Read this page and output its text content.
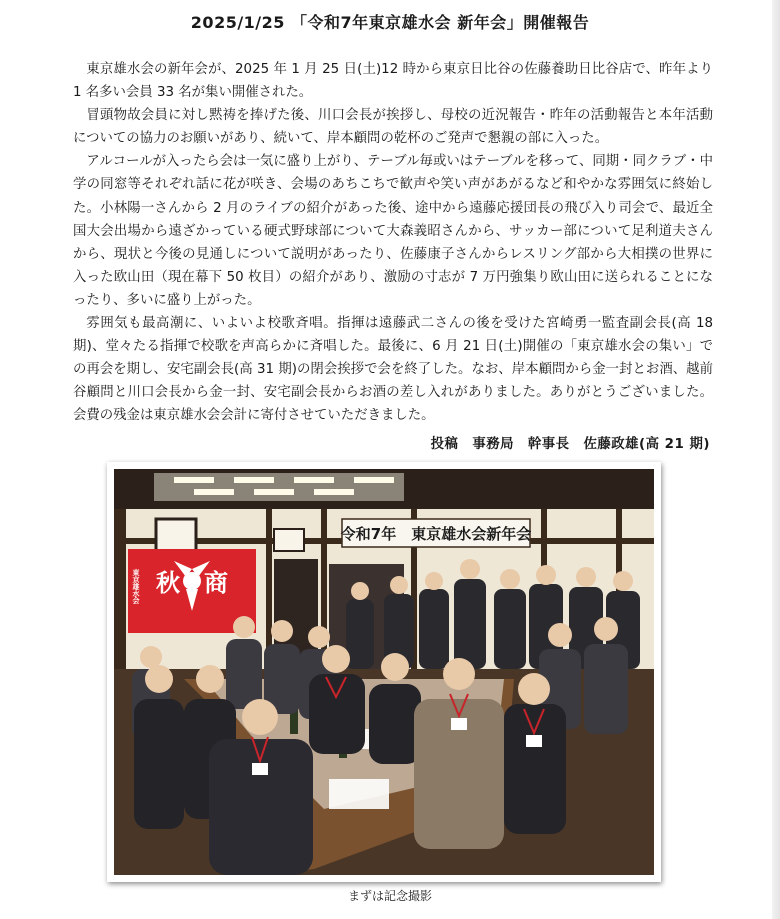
2025/1/25 「令和7年東京雄水会 新年会」開催報告

東京雄水会の新年会が、2025 年 1 月 25 日(土)12 時から東京日比谷の佐藤養助日比谷店で、昨年より 1 名多い会員 33 名が集い開催された。

冒頭物故会員に対し黙祷を捧げた後、川口会長が挨拶し、母校の近況報告・昨年の活動報告と本年活動についての協力のお願いがあり、続いて、岸本顧問の乾杯のご発声で懇親の部に入った。

アルコールが入ったら会は一気に盛り上がり、テーブル毎或いはテーブルを移って、同期・同クラブ・中学の同窓等それぞれ話に花が咲き、会場のあちこちで歓声や笑い声があがるなど和やかな雰囲気に終始した。小林陽一さんから 2 月のライブの紹介があった後、途中から遠藤応援団長の飛び入り司会で、最近全国大会出場から遠ざかっている硬式野球部について大森義昭さんから、サッカー部について足利道夫さんから、現状と今後の見通しについて説明があったり、佐藤康子さんからレスリング部から大相撲の世界に入った欧山田（現在幕下 50 枚目）の紹介があり、激励の寸志が 7 万円強集り欧山田に送られることになったり、多いに盛り上がった。

雰囲気も最高潮に、いよいよ校歌斉唱。指揮は遠藤武二さんの後を受けた宮崎勇一監査副会長(高 18 期)、堂々たる指揮で校歌を声高らかに斉唱した。最後に、6 月 21 日(土)開催の「東京雄水会の集い」での再会を期し、安宅副会長(高 31 期)の閉会挨拶で会を終了した。なお、岸本顧問から金一封とお酒、越前谷顧問と川口会長から金一封、安宅副会長からお酒の差し入れがありました。ありがとうございました。会費の残金は東京雄水会会計に寄付させていただきました。

投稿　事務局　幹事長　佐藤政雄(高 21 期)
令和7年　東京雄水会新年会
秋　商
東京雄水会
まずは記念撮影
